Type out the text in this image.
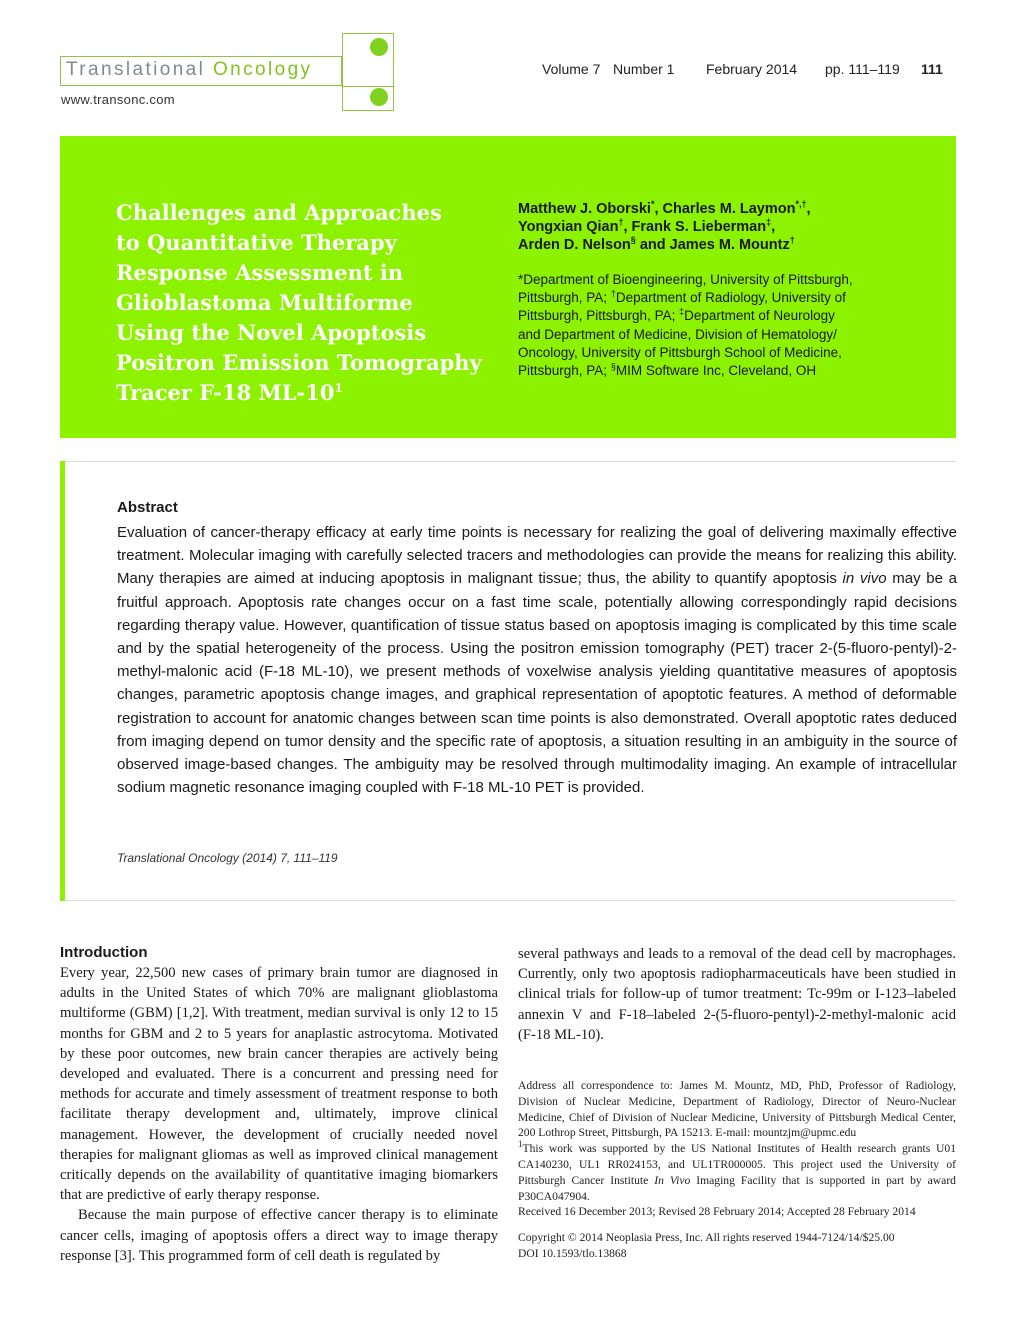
Translational Oncology
www.transonc.com
Volume 7 Number 1 February 2014 pp. 111–119 111
Challenges and Approaches
to Quantitative Therapy
Response Assessment in
Glioblastoma Multiforme
Using the Novel Apoptosis
Positron Emission Tomography
Tracer F-18 $ML-10^1$
Matthew J. Oborski*, Charles M. Laymon*,†,
Yongxian Qian†, Frank S. Lieberman‡,
Arden D. Nelson§ and James M. Mountz†
*Department of Bioengineering, University of Pittsburgh,
Pittsburgh, PA; †Department of Radiology, University of
Pittsburgh, Pittsburgh, PA; ‡Department of Neurology
and Department of Medicine, Division of Hematology/
Oncology, University of Pittsburgh School of Medicine,
Pittsburgh, PA; §MIM Software Inc, Cleveland, OH
Abstract

Evaluation of cancer-therapy efficacy at early time points is necessary for realizing the goal of delivering maximally effective treatment. Molecular imaging with carefully selected tracers and methodologies can provide the means for realizing this ability. Many therapies are aimed at inducing apoptosis in malignant tissue; thus, the ability to quantify apoptosis in vivo may be a fruitful approach. Apoptosis rate changes occur on a fast time scale, potentially allowing correspondingly rapid decisions regarding therapy value. However, quantification of tissue status based on apoptosis imaging is complicated by this time scale and by the spatial heterogeneity of the process. Using the positron emission tomography (PET) tracer 2-(5-fluoro-pentyl)-2-methyl-malonic acid (F-18 ML-10), we present methods of voxelwise analysis yielding quantitative measures of apoptosis changes, parametric apoptosis change images, and graphical representation of apoptotic features. A method of deformable registration to account for anatomic changes between scan time points is also demonstrated. Overall apoptotic rates deduced from imaging depend on tumor density and the specific rate of apoptosis, a situation resulting in an ambiguity in the source of observed image-based changes. The ambiguity may be resolved through multimodality imaging. An example of intracellular sodium magnetic resonance imaging coupled with F-18 ML-10 PET is provided.

Translational Oncology (2014) 7, 111–119
Introduction

Every year, 22,500 new cases of primary brain tumor are diagnosed in adults in the United States of which 70% are malignant glioblastoma multiforme (GBM) [1,2]. With treatment, median survival is only 12 to 15 months for GBM and 2 to 5 years for anaplastic astrocytoma. Motivated by these poor outcomes, new brain cancer therapies are actively being developed and evaluated. There is a concurrent and pressing need for methods for accurate and timely assessment of treatment response to both facilitate therapy development and, ultimately, improve clinical management. However, the development of crucially needed novel therapies for malignant gliomas as well as improved clinical management critically depends on the availability of quantitative imaging biomarkers that are predictive of early therapy response.

Because the main purpose of effective cancer therapy is to eliminate cancer cells, imaging of apoptosis offers a direct way to image therapy response [3]. This programmed form of cell death is regulated by

several pathways and leads to a removal of the dead cell by macrophages. Currently, only two apoptosis radiopharmaceuticals have been studied in clinical trials for follow-up of tumor treatment: Tc-99m or I-123–labeled annexin V and F-18–labeled 2-(5-fluoro-pentyl)-2-methyl-malonic acid (F-18 ML-10).

Address all correspondence to: James M. Mountz, MD, PhD, Professor of Radiology, Division of Nuclear Medicine, Department of Radiology, Director of Neuro-Nuclear Medicine, Chief of Division of Nuclear Medicine, University of Pittsburgh Medical Center, 200 Lothrop Street, Pittsburgh, PA 15213. E-mail: mountzjm@upmc.edu

$^1$This work was supported by the US National Institutes of Health research grants U01 CA140230, UL1 RR024153, and UL1TR000005. This project used the University of Pittsburgh Cancer Institute In Vivo Imaging Facility that is supported in part by award P30CA047904.

Received 16 December 2013; Revised 28 February 2014; Accepted 28 February 2014

Copyright © 2014 Neoplasia Press, Inc. All rights reserved 1944-7124/14/$25.00

DOI 10.1593/tlo.13868
